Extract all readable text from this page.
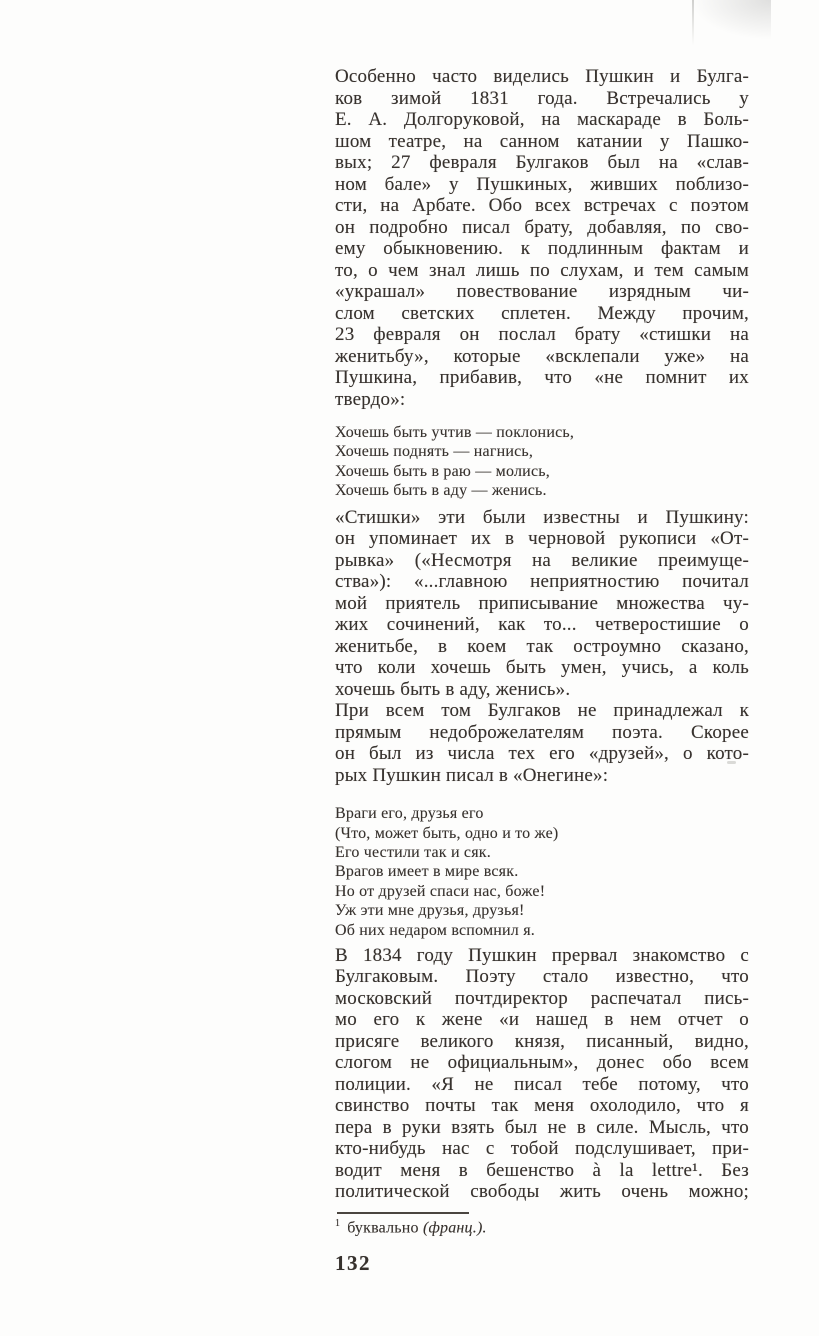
Особенно часто виделись Пушкин и Булга-
ков зимой 1831 года. Встречались у
Е. А. Долгоруковой, на маскараде в Боль-
шом театре, на санном катании у Пашко-
вых; 27 февраля Булгаков был на «слав-
ном бале» у Пушкиных, живших поблизо-
сти, на Арбате. Обо всех встречах с поэтом
он подробно писал брату, добавляя, по сво-
ему обыкновению. к подлинным фактам и
то, о чем знал лишь по слухам, и тем самым
«украшал» повествование изрядным чи-
слом светских сплетен. Между прочим,
23 февраля он послал брату «стишки на
женитьбу», которые «всклепали уже» на
Пушкина, прибавив, что «не помнит их
твердо»:
Хочешь быть учтив — поклонись,
Хочешь поднять — нагнись,
Хочешь быть в раю — молись,
Хочешь быть в аду — женись.
«Стишки» эти были известны и Пушкину:
он упоминает их в черновой рукописи «От-
рывка» («Несмотря на великие преимуще-
ства»): «...главною неприятностию почитал
мой приятель приписывание множества чу-
жих сочинений, как то... четверостишие о
женитьбе, в коем так остроумно сказано,
что коли хочешь быть умен, учись, а коль
хочешь быть в аду, женись».
При всем том Булгаков не принадлежал к
прямым недоброжелателям поэта. Скорее
он был из числа тех его «друзей», о кото-
рых Пушкин писал в «Онегине»:
Враги его, друзья его
(Что, может быть, одно и то же)
Его честили так и сяк.
Врагов имеет в мире всяк.
Но от друзей спаси нас, боже!
Уж эти мне друзья, друзья!
Об них недаром вспомнил я.
В 1834 году Пушкин прервал знакомство с
Булгаковым. Поэту стало известно, что
московский почтдиректор распечатал пись-
мо его к жене «и нашед в нем отчет о
присяге великого князя, писанный, видно,
слогом не официальным», донес обо всем
полиции. «Я не писал тебе потому, что
свинство почты так меня охолодило, что я
пера в руки взять был не в силе. Мысль, что
кто-нибудь нас с тобой подслушивает, при-
водит меня в бешенство à la lettre¹. Без
политической свободы жить очень можно;
$^1$ буквально (франц.).
132
